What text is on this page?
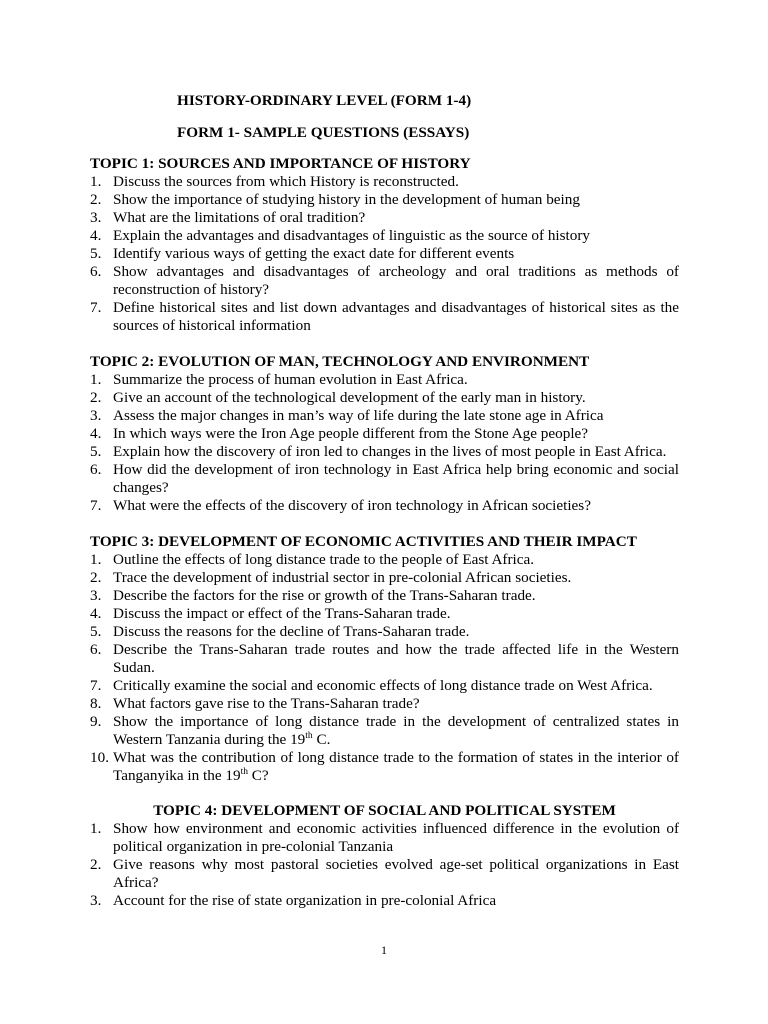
HISTORY-ORDINARY LEVEL (FORM 1-4)
FORM 1- SAMPLE QUESTIONS (ESSAYS)
TOPIC 1: SOURCES AND IMPORTANCE OF HISTORY
1. Discuss the sources from which History is reconstructed.
2. Show the importance of studying history in the development of human being
3. What are the limitations of oral tradition?
4. Explain the advantages and disadvantages of linguistic as the source of history
5. Identify various ways of getting the exact date for different events
6. Show advantages and disadvantages of archeology and oral traditions as methods of reconstruction of history?
7. Define historical sites and list down advantages and disadvantages of historical sites as the sources of historical information
TOPIC 2: EVOLUTION OF MAN, TECHNOLOGY AND ENVIRONMENT
1. Summarize the process of human evolution in East Africa.
2. Give an account of the technological development of the early man in history.
3. Assess the major changes in man’s way of life during the late stone age in Africa
4. In which ways were the Iron Age people different from the Stone Age people?
5. Explain how the discovery of iron led to changes in the lives of most people in East Africa.
6. How did the development of iron technology in East Africa help bring economic and social changes?
7. What were the effects of the discovery of iron technology in African societies?
TOPIC 3: DEVELOPMENT OF ECONOMIC ACTIVITIES AND THEIR IMPACT
1. Outline the effects of long distance trade to the people of East Africa.
2. Trace the development of industrial sector in pre-colonial African societies.
3. Describe the factors for the rise or growth of the Trans-Saharan trade.
4. Discuss the impact or effect of the Trans-Saharan trade.
5. Discuss the reasons for the decline of Trans-Saharan trade.
6. Describe the Trans-Saharan trade routes and how the trade affected life in the Western Sudan.
7. Critically examine the social and economic effects of long distance trade on West Africa.
8. What factors gave rise to the Trans-Saharan trade?
9. Show the importance of long distance trade in the development of centralized states in Western Tanzania during the 19th C.
10. What was the contribution of long distance trade to the formation of states in the interior of Tanganyika in the 19th C?
TOPIC 4: DEVELOPMENT OF SOCIAL AND POLITICAL SYSTEM
1. Show how environment and economic activities influenced difference in the evolution of political organization in pre-colonial Tanzania
2. Give reasons why most pastoral societies evolved age-set political organizations in East Africa?
3. Account for the rise of state organization in pre-colonial Africa
1
